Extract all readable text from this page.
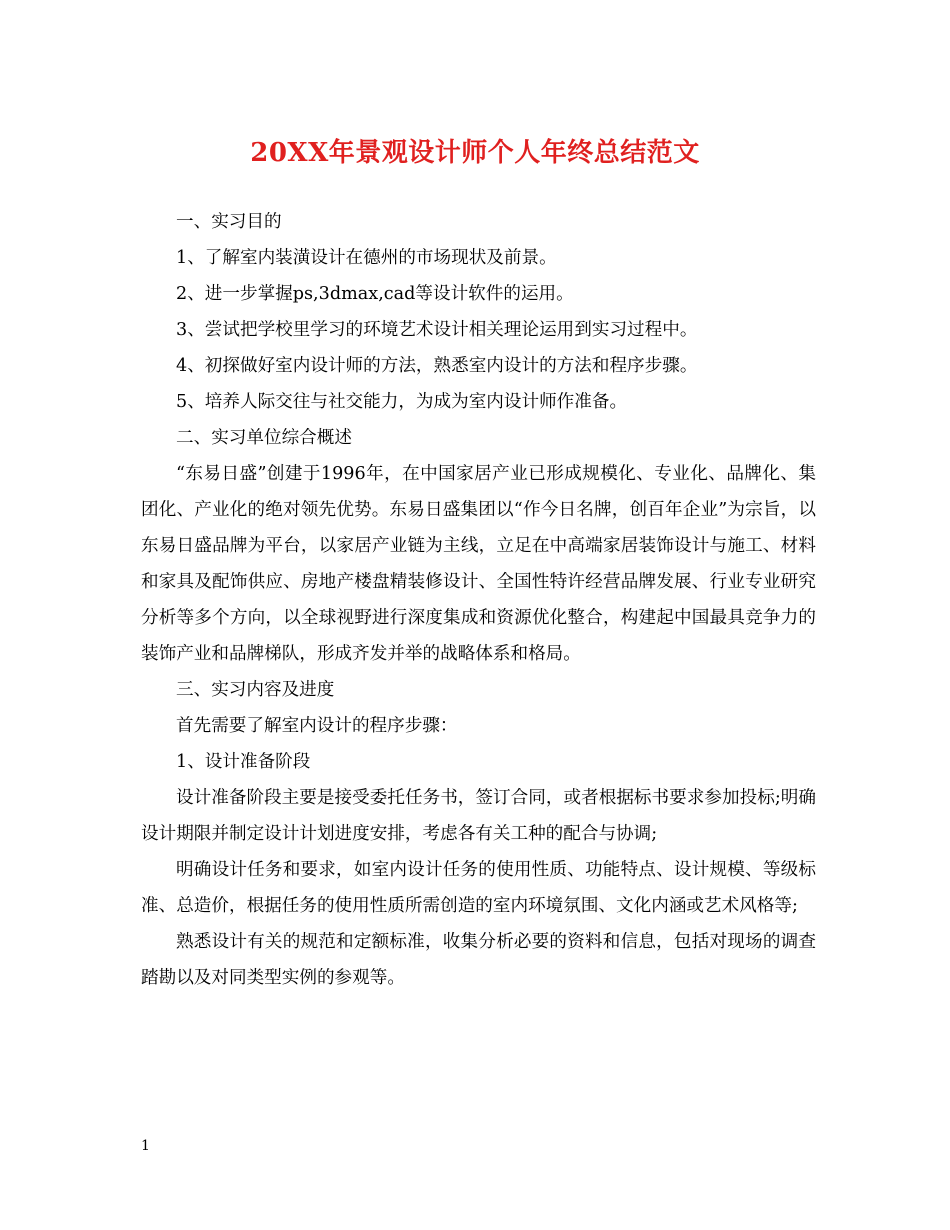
20XX年景观设计师个人年终总结范文

一、实习目的

1、了解室内装潢设计在德州的市场现状及前景。

2、进一步掌握ps,3dmax,cad等设计软件的运用。

3、尝试把学校里学习的环境艺术设计相关理论运用到实习过程中。

4、初探做好室内设计师的方法，熟悉室内设计的方法和程序步骤。

5、培养人际交往与社交能力，为成为室内设计师作准备。

二、实习单位综合概述

“东易日盛”创建于1996年，在中国家居产业已形成规模化、专业化、品牌化、集团化、产业化的绝对领先优势。东易日盛集团以“作今日名牌，创百年企业”为宗旨，以东易日盛品牌为平台，以家居产业链为主线，立足在中高端家居装饰设计与施工、材料和家具及配饰供应、房地产楼盘精装修设计、全国性特许经营品牌发展、行业专业研究分析等多个方向，以全球视野进行深度集成和资源优化整合，构建起中国最具竞争力的装饰产业和品牌梯队，形成齐发并举的战略体系和格局。

三、实习内容及进度

首先需要了解室内设计的程序步骤：

1、设计准备阶段

设计准备阶段主要是接受委托任务书，签订合同，或者根据标书要求参加投标;明确设计期限并制定设计计划进度安排，考虑各有关工种的配合与协调;

明确设计任务和要求，如室内设计任务的使用性质、功能特点、设计规模、等级标准、总造价，根据任务的使用性质所需创造的室内环境氛围、文化内涵或艺术风格等;

熟悉设计有关的规范和定额标准，收集分析必要的资料和信息，包括对现场的调查踏勘以及对同类型实例的参观等。

1
